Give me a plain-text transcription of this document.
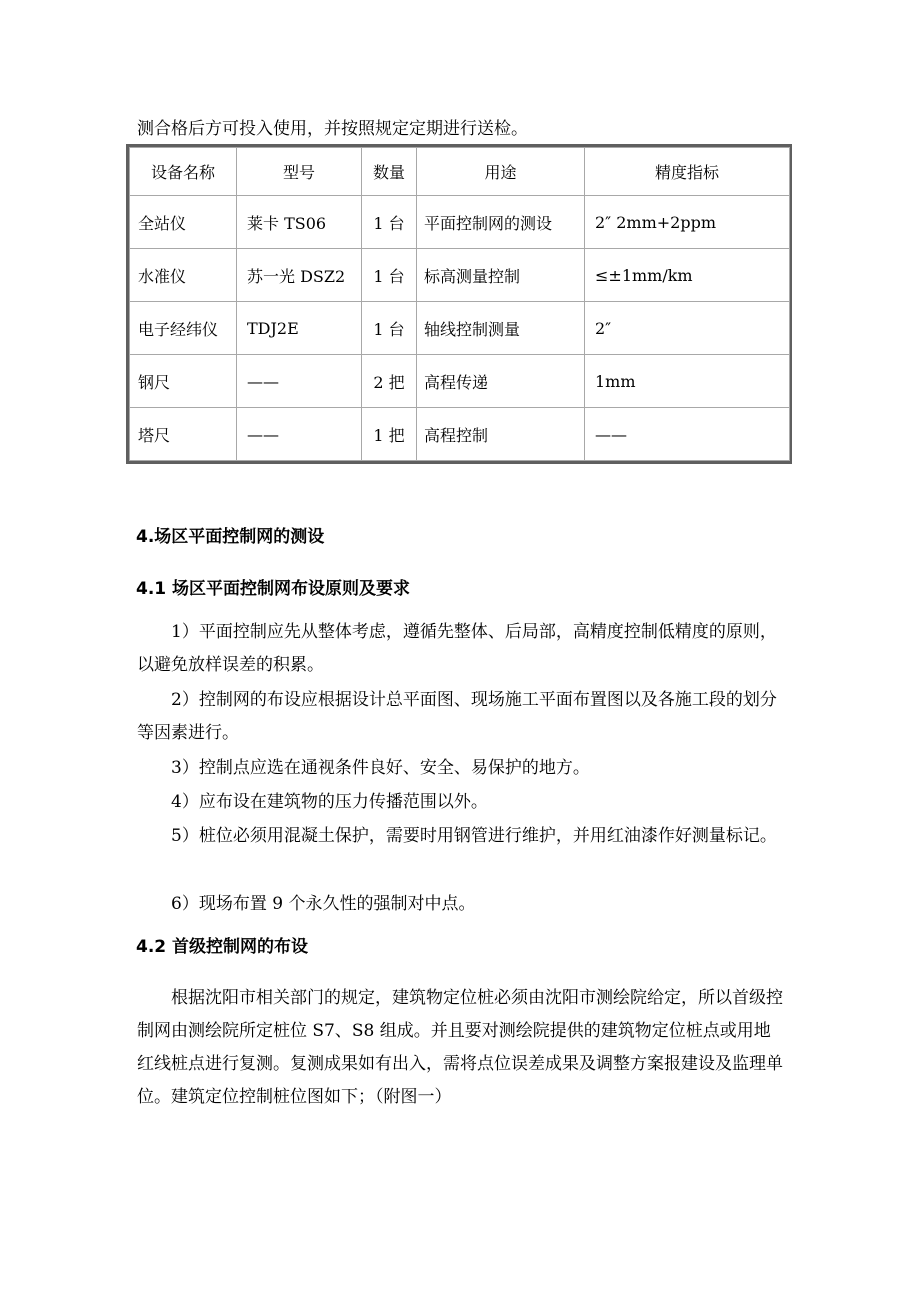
测合格后方可投入使用，并按照规定定期进行送检。
设备名称	型号	数量	用途	精度指标
全站仪	莱卡 TS06	1 台	平面控制网的测设	2″ 2mm+2ppm
水准仪	苏一光 DSZ2	1 台	标高测量控制	≤±1mm/km
电子经纬仪	TDJ2E	1 台	轴线控制测量	2″
钢尺	——	2 把	高程传递	1mm
塔尺	——	1 把	高程控制	——
4.场区平面控制网的测设
4.1 场区平面控制网布设原则及要求

1）平面控制应先从整体考虑，遵循先整体、后局部，高精度控制低精度的原则，以避免放样误差的积累。

2）控制网的布设应根据设计总平面图、现场施工平面布置图以及各施工段的划分等因素进行。

3）控制点应选在通视条件良好、安全、易保护的地方。

4）应布设在建筑物的压力传播范围以外。

5）桩位必须用混凝土保护，需要时用钢管进行维护，并用红油漆作好测量标记。

6）现场布置 9 个永久性的强制对中点。

4.2 首级控制网的布设

根据沈阳市相关部门的规定，建筑物定位桩必须由沈阳市测绘院给定，所以首级控制网由测绘院所定桩位 S7、S8 组成。并且要对测绘院提供的建筑物定位桩点或用地红线桩点进行复测。复测成果如有出入，需将点位误差成果及调整方案报建设及监理单位。建筑定位控制桩位图如下；（附图一）
